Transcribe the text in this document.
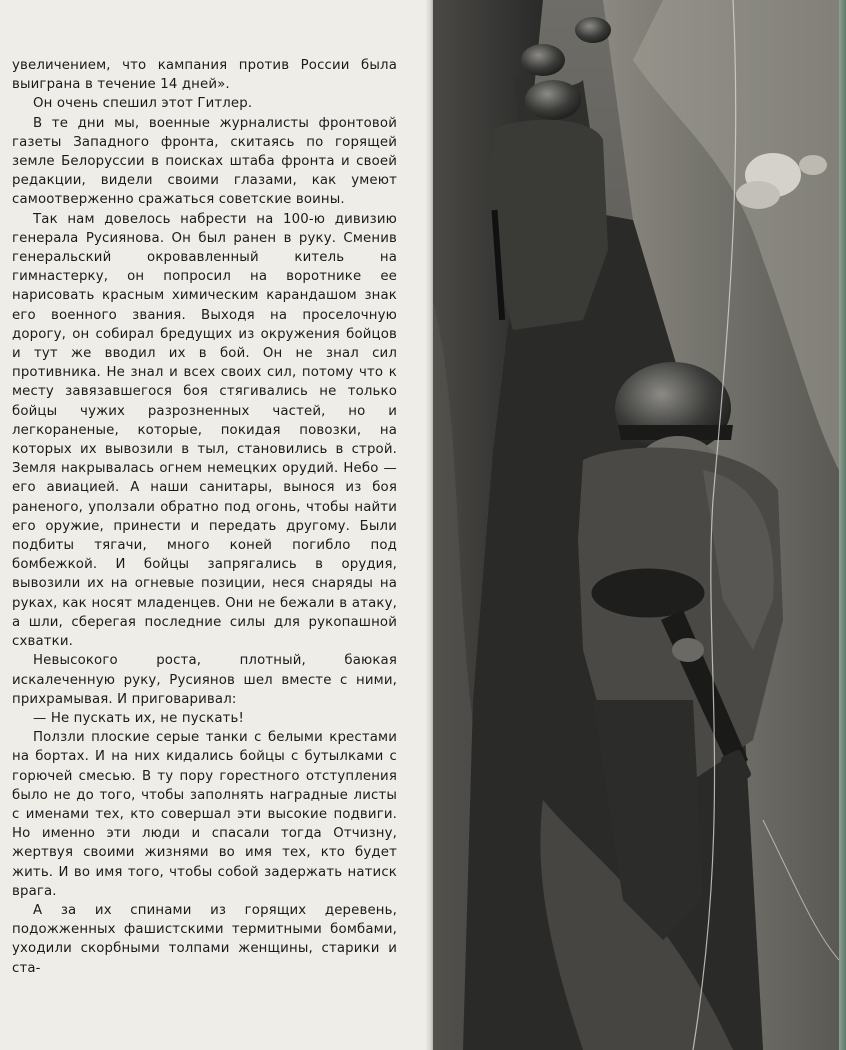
увеличением, что кампания против России была выиграна в течение 14 дней».

Он очень спешил этот Гитлер.

В те дни мы, военные журналисты фронтовой газеты Западного фронта, скитаясь по горящей земле Белоруссии в поисках штаба фронта и своей редакции, видели своими глазами, как умеют самоотверженно сражаться советские воины.

Так нам довелось набрести на 100-ю дивизию генерала Русиянова. Он был ранен в руку. Сменив генеральский окровавленный китель на гимнастерку, он попросил на воротнике ее нарисовать красным химическим карандашом знак его военного звания. Выходя на проселочную дорогу, он собирал бредущих из окружения бойцов и тут же вводил их в бой. Он не знал сил противника. Не знал и всех своих сил, потому что к месту завязавшегося боя стягивались не только бойцы чужих разрозненных частей, но и легкораненые, которые, покидая повозки, на которых их вывозили в тыл, становились в строй. Земля накрывалась огнем немецких орудий. Небо — его авиацией. А наши санитары, вынося из боя раненого, уползали обратно под огонь, чтобы найти его оружие, принести и передать другому. Были подбиты тягачи, много коней погибло под бомбежкой. И бойцы запрягались в орудия, вывозили их на огневые позиции, неся снаряды на руках, как носят младенцев. Они не бежали в атаку, а шли, сберегая последние силы для рукопашной схватки.

Невысокого роста, плотный, баюкая искалеченную руку, Русиянов шел вместе с ними, прихрамывая. И приговаривал:

— Не пускать их, не пускать!

Ползли плоские серые танки с белыми крестами на бортах. И на них кидались бойцы с бутылками с горючей смесью. В ту пору горестного отступления было не до того, чтобы заполнять наградные листы с именами тех, кто совершал эти высокие подвиги. Но именно эти люди и спасали тогда Отчизну, жертвуя своими жизнями во имя тех, кто будет жить. И во имя того, чтобы собой задержать натиск врага.

А за их спинами из горящих деревень, подожженных фашистскими термитными бомбами, уходили скорбными толпами женщины, старики и ста-
